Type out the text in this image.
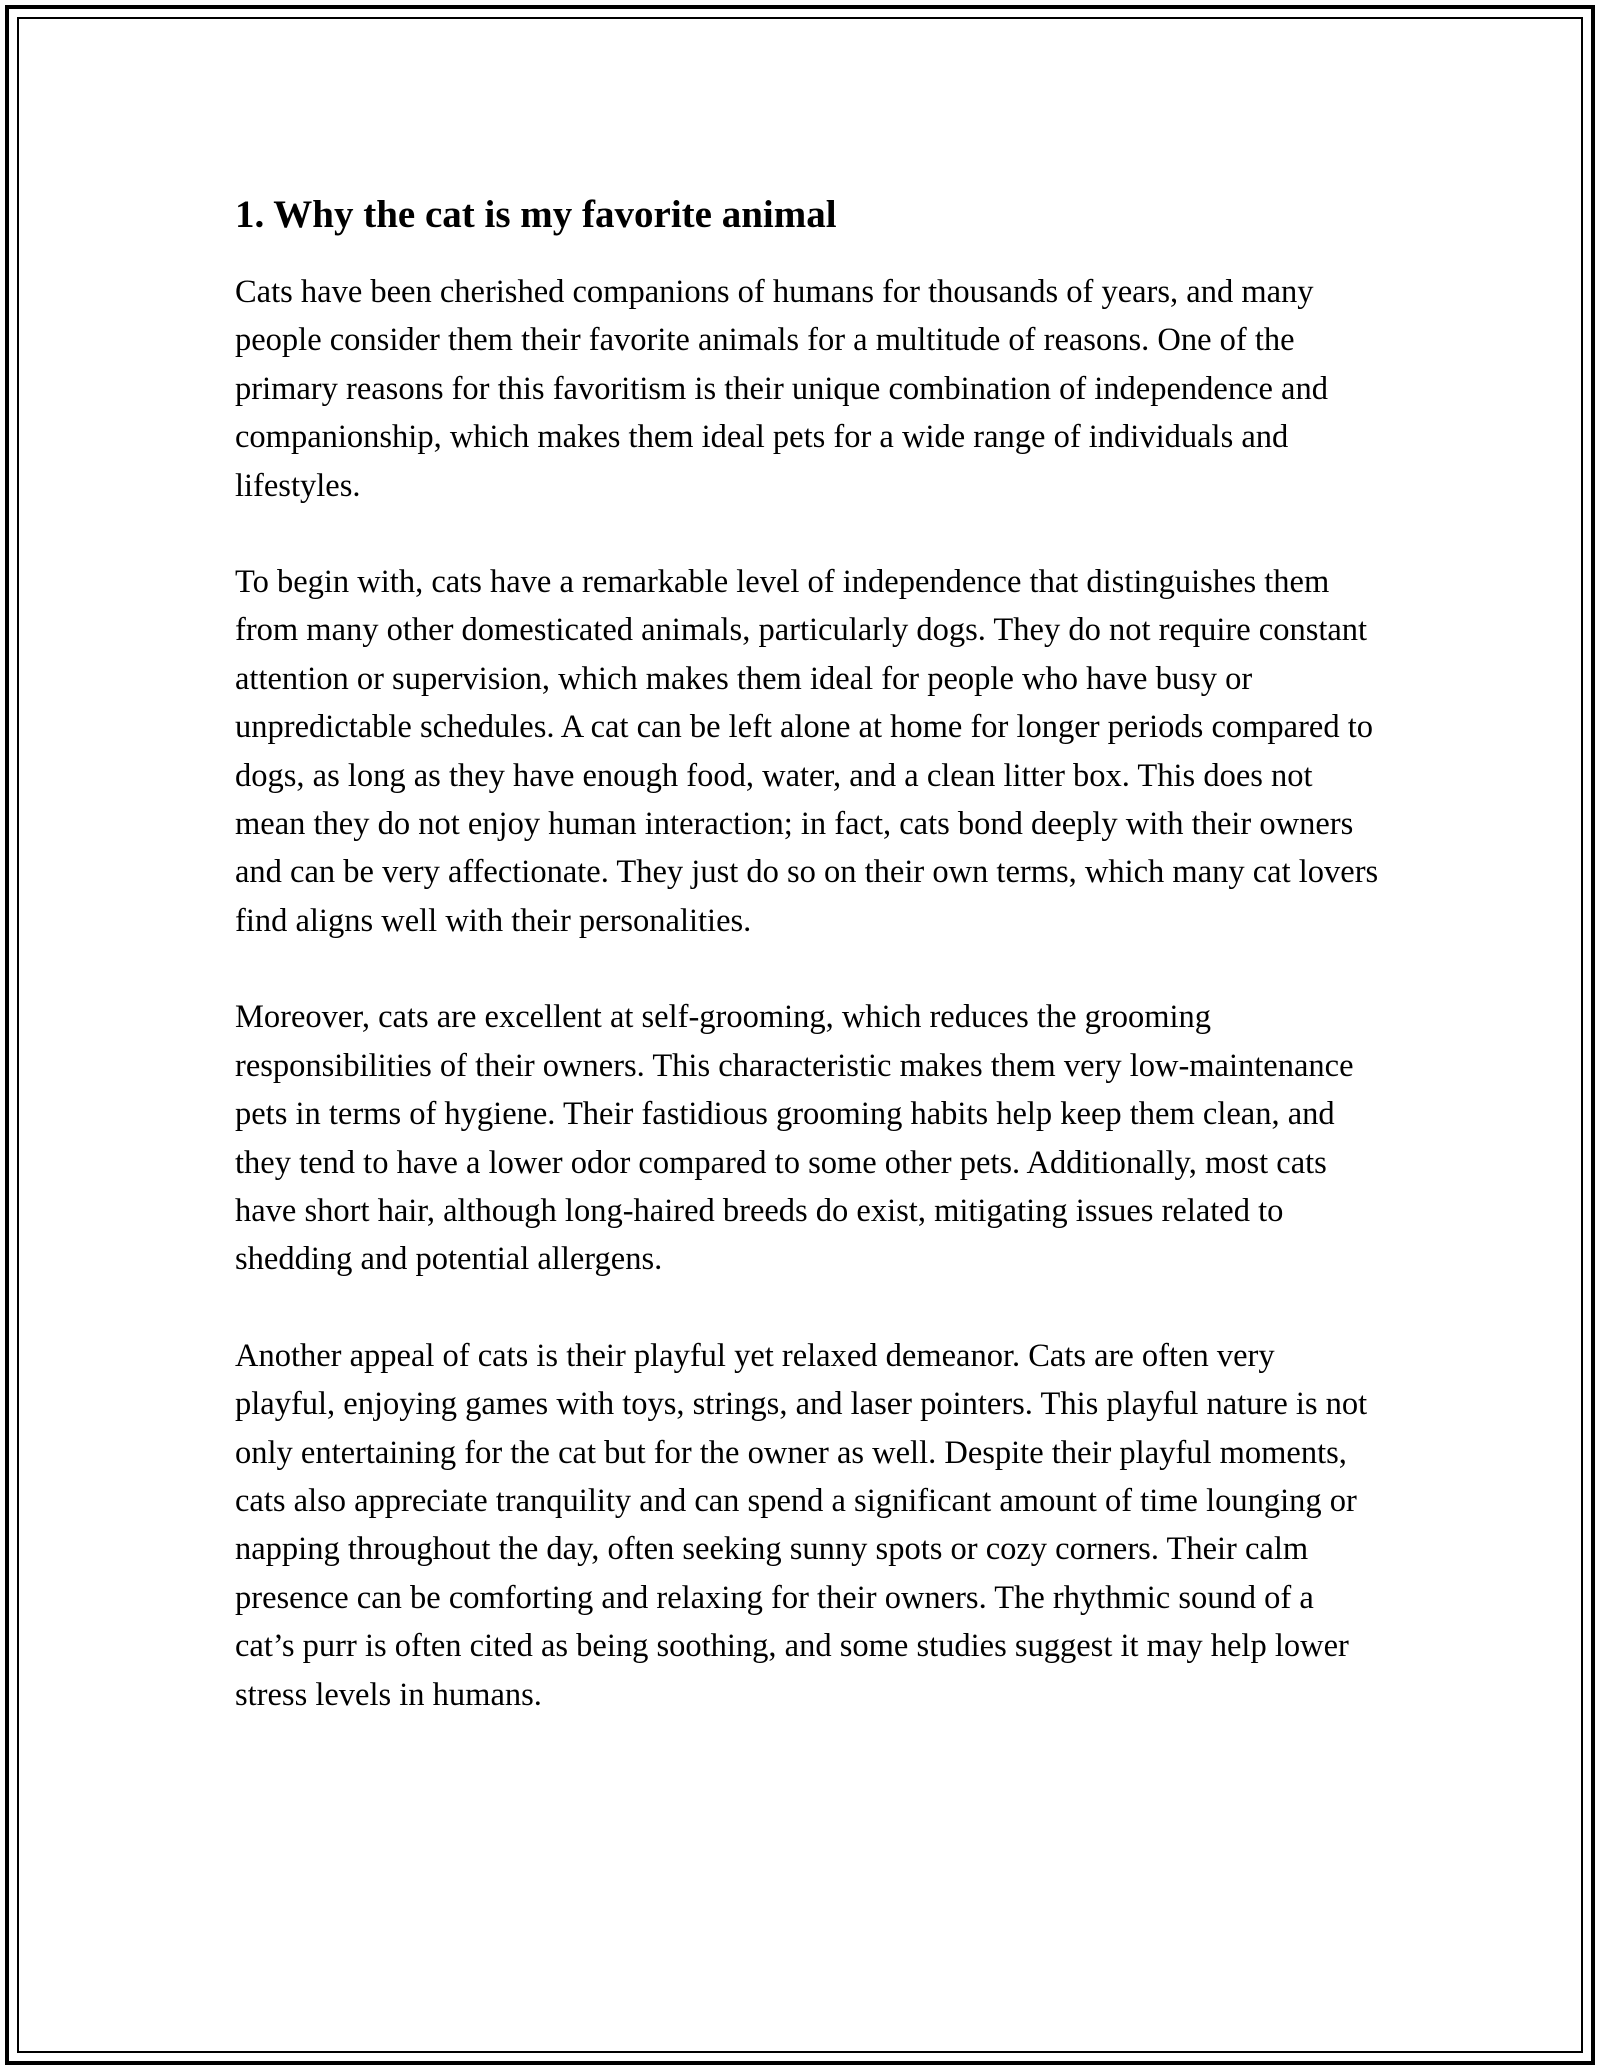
1. Why the cat is my favorite animal

Cats have been cherished companions of humans for thousands of years, and many people consider them their favorite animals for a multitude of reasons. One of the primary reasons for this favoritism is their unique combination of independence and companionship, which makes them ideal pets for a wide range of individuals and lifestyles.

To begin with, cats have a remarkable level of independence that distinguishes them from many other domesticated animals, particularly dogs. They do not require constant attention or supervision, which makes them ideal for people who have busy or unpredictable schedules. A cat can be left alone at home for longer periods compared to dogs, as long as they have enough food, water, and a clean litter box. This does not mean they do not enjoy human interaction; in fact, cats bond deeply with their owners and can be very affectionate. They just do so on their own terms, which many cat lovers find aligns well with their personalities.

Moreover, cats are excellent at self-grooming, which reduces the grooming responsibilities of their owners. This characteristic makes them very low-maintenance pets in terms of hygiene. Their fastidious grooming habits help keep them clean, and they tend to have a lower odor compared to some other pets. Additionally, most cats have short hair, although long-haired breeds do exist, mitigating issues related to shedding and potential allergens.

Another appeal of cats is their playful yet relaxed demeanor. Cats are often very playful, enjoying games with toys, strings, and laser pointers. This playful nature is not only entertaining for the cat but for the owner as well. Despite their playful moments, cats also appreciate tranquility and can spend a significant amount of time lounging or napping throughout the day, often seeking sunny spots or cozy corners. Their calm presence can be comforting and relaxing for their owners. The rhythmic sound of a cat’s purr is often cited as being soothing, and some studies suggest it may help lower stress levels in humans.
